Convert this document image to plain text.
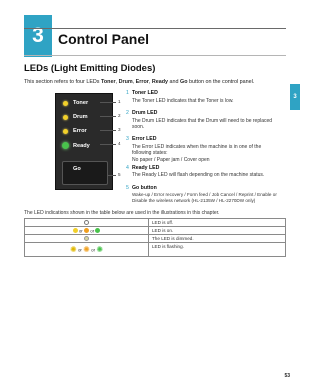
3 Control Panel
3
LEDs (Light Emitting Diodes)
This section refers to four LEDs Toner, Drum, Error, Ready and Go button on the control panel.
Toner
Drum
Error
Ready
Go
1
2
3
4
5
1 Toner LED
The Toner LED indicates that the Toner is low.
2 Drum LED
The Drum LED indicates that the Drum will need to be replaced soon.
3 Error LED
The Error LED indicates when the machine is in one of the following states:
No paper / Paper jam / Cover open
4 Ready LED
The Ready LED will flash depending on the machine status.
5 Go button
Wake-up / Error recovery / Form feed / Job Cancel / Reprint / Enable or Disable the wireless network (HL-2135W / HL-2270DW only)
The LED indications shown in the table below are used in the illustrations in this chapter.
	LED is off.
or or	LED is on.
	The LED is dimmed.
✺ or ✺ or ✺	LED is flashing.
53
